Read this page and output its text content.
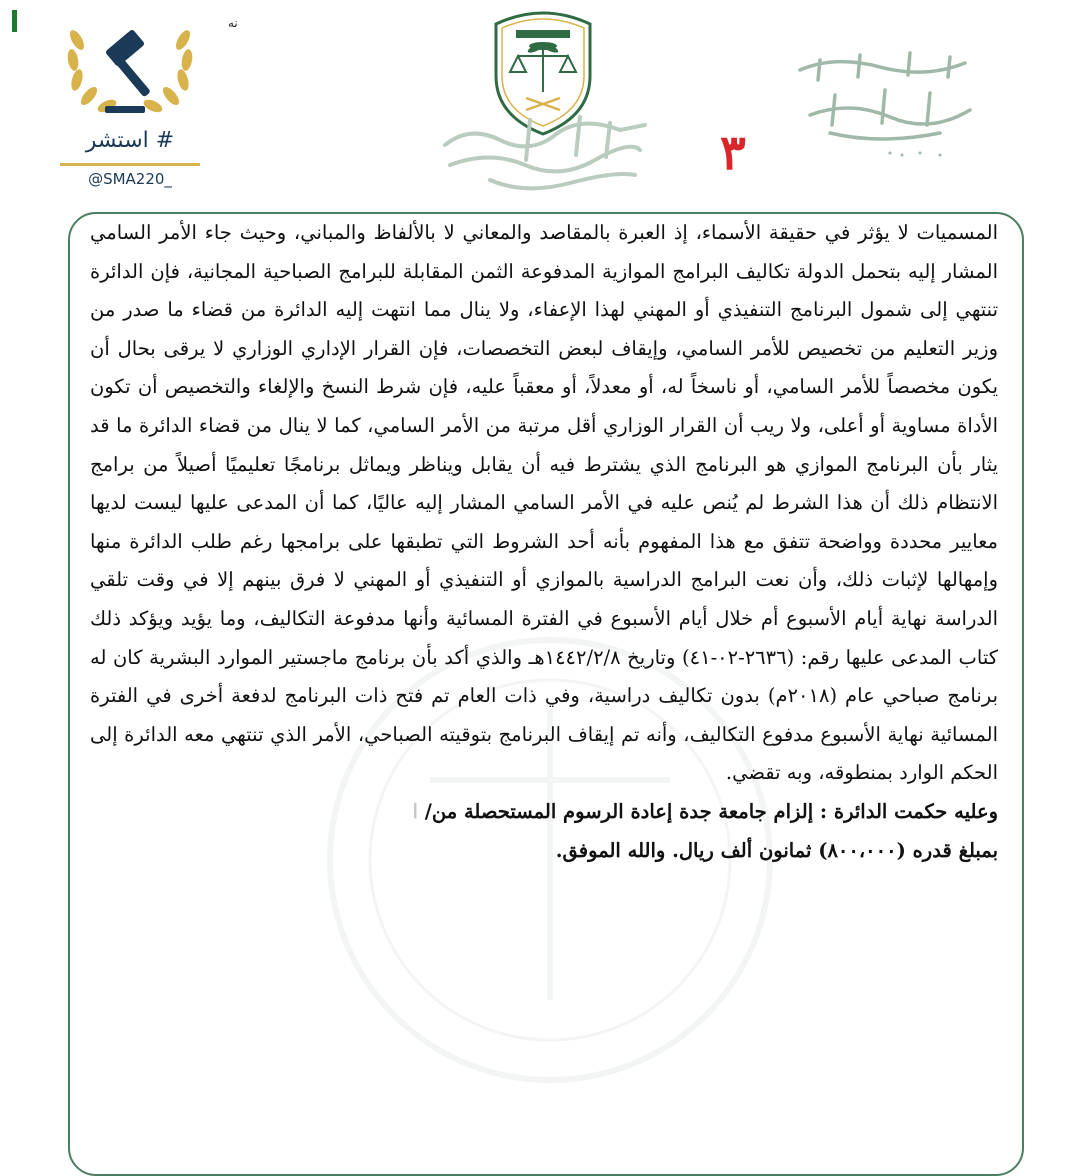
نه
# استشر
@SMA220_	٣

المسميات لا يؤثر في حقيقة الأسماء، إذ العبرة بالمقاصد والمعاني لا بالألفاظ والمباني، وحيث جاء الأمر السامي المشار إليه بتحمل الدولة تكاليف البرامج الموازية المدفوعة الثمن المقابلة للبرامج الصباحية المجانية، فإن الدائرة تنتهي إلى شمول البرنامج التنفيذي أو المهني لهذا الإعفاء، ولا ينال مما انتهت إليه الدائرة من قضاء ما صدر من وزير التعليم من تخصيص للأمر السامي، وإيقاف لبعض التخصصات، فإن القرار الإداري الوزاري لا يرقى بحال أن يكون مخصصاً للأمر السامي، أو ناسخاً له، أو معدلاً، أو معقباً عليه، فإن شرط النسخ والإلغاء والتخصيص أن تكون الأداة مساوية أو أعلى، ولا ريب أن القرار الوزاري أقل مرتبة من الأمر السامي، كما لا ينال من قضاء الدائرة ما قد يثار بأن البرنامج الموازي هو البرنامج الذي يشترط فيه أن يقابل ويناظر ويماثل برنامجًا تعليميًا أصيلاً من برامج الانتظام ذلك أن هذا الشرط لم يُنص عليه في الأمر السامي المشار إليه عاليًا، كما أن المدعى عليها ليست لديها معايير محددة وواضحة تتفق مع هذا المفهوم بأنه أحد الشروط التي تطبقها على برامجها رغم طلب الدائرة منها وإمهالها لإثبات ذلك، وأن نعت البرامج الدراسية بالموازي أو التنفيذي أو المهني لا فرق بينهم إلا في وقت تلقي الدراسة نهاية أيام الأسبوع أم خلال أيام الأسبوع في الفترة المسائية وأنها مدفوعة التكاليف، وما يؤيد ويؤكد ذلك كتاب المدعى عليها رقم: (٢٦٣٦-٠٢-٤١) وتاريخ ١٤٤٢/٢/٨هـ والذي أكد بأن برنامج ماجستير الموارد البشرية كان له برنامج صباحي عام (٢٠١٨م) بدون تكاليف دراسية، وفي ذات العام تم فتح ذات البرنامج لدفعة أخرى في الفترة المسائية نهاية الأسبوع مدفوع التكاليف، وأنه تم إيقاف البرنامج بتوقيته الصباحي، الأمر الذي تنتهي معه الدائرة إلى الحكم الوارد بمنطوقه، وبه تقضي.

وعليه حكمت الدائرة : إلزام جامعة جدة إعادة الرسوم المستحصلة من/ ا

بمبلغ قدره (٨٠٠،٠٠٠) ثمانون ألف ريال. والله الموفق.
